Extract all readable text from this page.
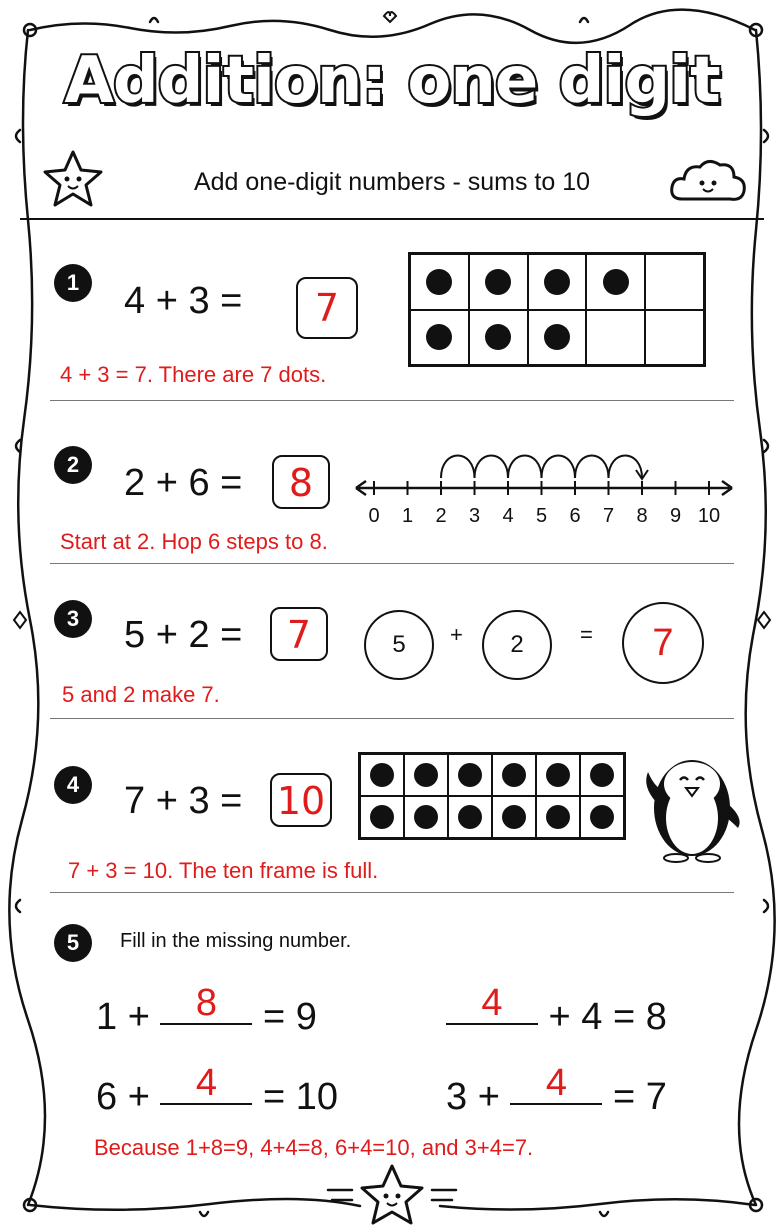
Addition: one digit
Add one-digit numbers - sums to 10
1	4 + 3 =	7
4 + 3 = 7. There are 7 dots.
2	2 + 6 =	8
0 1 2 3 4 5 6 7 8 9 10
Start at 2. Hop 6 steps to 8.
3	5 + 2 =	7	5	+	2	=	7
5 and 2 make 7.
4	7 + 3 = 10
7 + 3 = 10. The ten frame is full.
5	Fill in the missing number.
1 + 8 = 9	4 + 4 = 8
6 + 4 = 10	3 + 4 = 7
Because 1+8=9, 4+4=8, 6+4=10, and 3+4=7.
